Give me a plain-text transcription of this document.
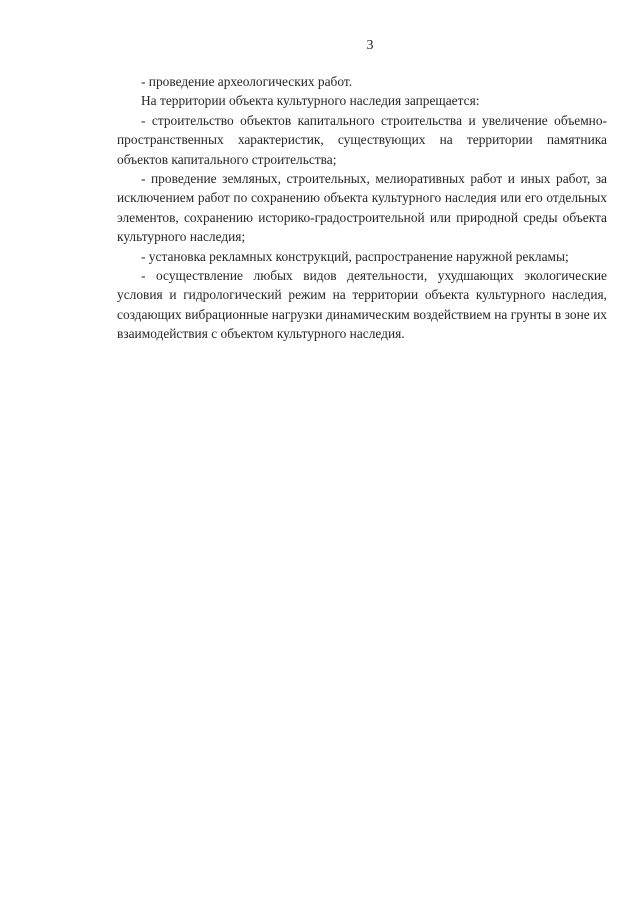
3

- проведение археологических работ.

На территории объекта культурного наследия запрещается:

- строительство объектов капитального строительства и увеличение объемно-пространственных характеристик, существующих на территории памятника объектов капитального строительства;

- проведение земляных, строительных, мелиоративных работ и иных работ, за исключением работ по сохранению объекта культурного наследия или его отдельных элементов, сохранению историко-градостроительной или природной среды объекта культурного наследия;

- установка рекламных конструкций, распространение наружной рекламы;

- осуществление любых видов деятельности, ухудшающих экологические условия и гидрологический режим на территории объекта культурного наследия, создающих вибрационные нагрузки динамическим воздействием на грунты в зоне их взаимодействия с объектом культурного наследия.
